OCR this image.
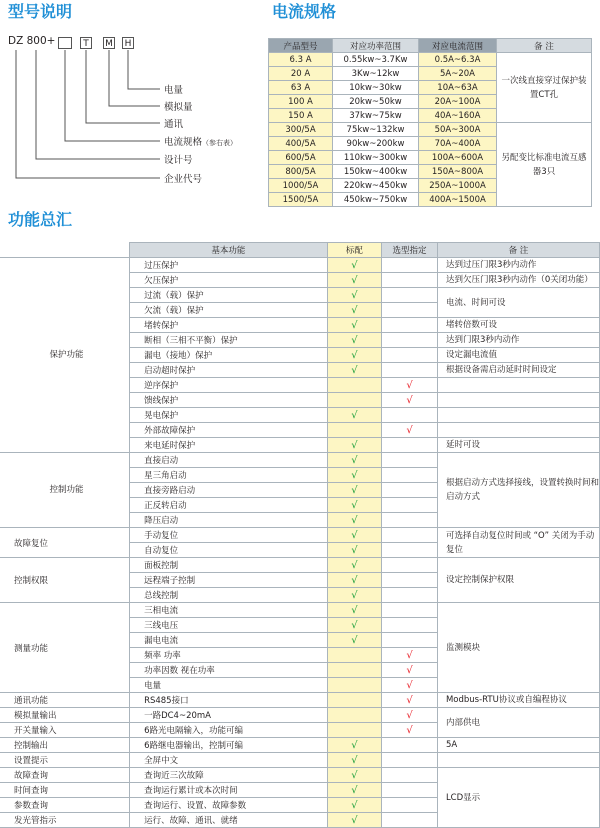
型号说明
DZ 800+	T	M H
电量
模拟量
通讯
电流规格（参右表）
设计号
企业代号
电流规格
产品型号	对应功率范围	对应电流范围	备 注
6.3 A	0.55kw~3.7Kw	0.5A~6.3A	一次线直接穿过保护装置CT孔
20 A	3Kw~12kw	5A~20A	
63 A	10kw~30kw	10A~63A	
100 A	20kw~50kw	20A~100A	
150 A	37kw~75kw	40A~160A	
300/5A	75kw~132kw	50A~300A	另配变比标准电流互感器3只
400/5A	90kw~200kw	70A~400A	
600/5A	110kw~300kw	100A~600A	
800/5A	150kw~400kw	150A~800A	
1000/5A	220kw~450kw	250A~1000A	
1500/5A	450kw~750kw	400A~1500A	
功能总汇
	基本功能	标配	选型指定	备 注
保护功能	过压保护	√		达到过压门限3秒内动作
	欠压保护	√		达到欠压门限3秒内动作（0关闭功能）
	过流（载）保护	√		电流、时间可设
	欠流（载）保护	√		
	堵转保护	√		堵转倍数可设
	断相（三相不平衡）保护	√		达到门限3秒内动作
	漏电（接地）保护	√		设定漏电流值
	启动超时保护	√		根据设备需启动延时时间设定
	逆序保护		√	
	馈线保护		√	
	晃电保护	√		
	外部故障保护		√	
	来电延时保护	√		延时可设
控制功能	直接启动	√		根据启动方式选择接线，设置转换时间和启动方式
	星三角启动	√		
	直接旁路启动	√		
	正反转启动	√		
	降压启动	√		
故障复位	手动复位	√		可选择自动复位时间或 “O” 关闭为手动复位
	自动复位	√		
控制权限	面板控制	√		设定控制保护权限
	远程端子控制	√		
	总线控制	√		
测量功能	三相电流	√		监测模块
	三线电压	√		
	漏电电流	√		
	频率 功率		√	
	功率因数 视在功率		√	
	电量		√	
通讯功能	RS485接口		√	Modbus-RTU协议或自编程协议
模拟量输出	一路DC4~20mA		√	内部供电
开关量输入	6路光电隔输入，功能可编		√	
控制输出	6路继电器输出，控制可编	√		5A
设置提示	全屏中文	√		
故障查询	查询近三次故障	√		LCD显示
时间查询	查询运行累计或本次时间	√		
参数查询	查询运行、设置、故障参数	√		
发光管指示	运行、故障、通讯、就绪	√		
